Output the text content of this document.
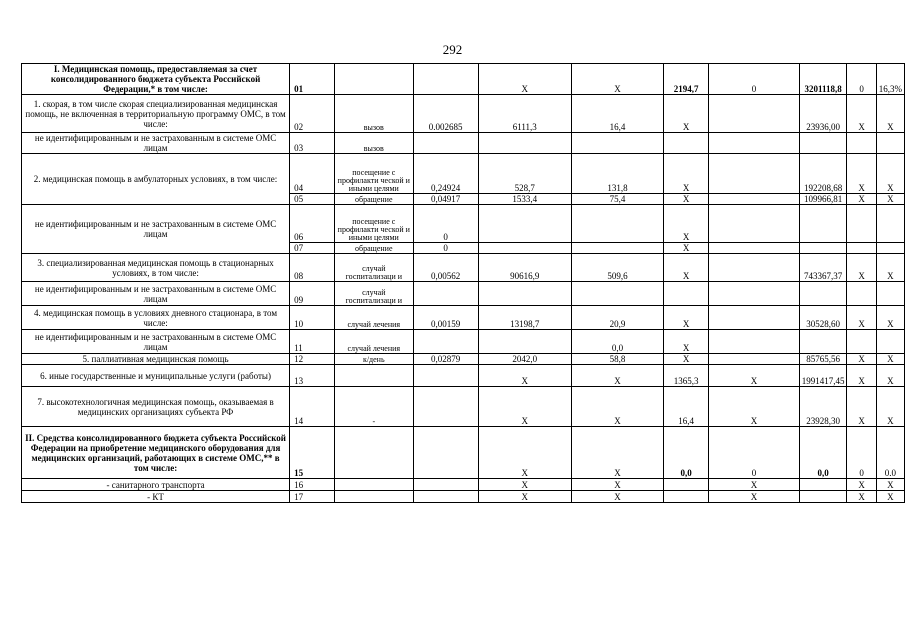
292
I. Медицинская помощь, предоставляемая за счет консолидированного бюджета субъекта Российской Федерации,* в том числе:	01			Х	Х	2194,7	0	3201118,8	0	16,3%
1. скорая, в том числе скорая специализированная медицинская помощь, не включенная в территориальную программу ОМС, в том числе:	02	вызов	0.002685	6111,3	16,4	Х		23936,00	Х	Х
не идентифицированным и не застрахованным в системе ОМС лицам	03	вызов								
2. медицинская помощь в амбулаторных условиях, в том числе:	04	посещение с профилакти ческой и иными целями	0,24924	528,7	131,8	Х		192208,68	Х	Х
	05	обращение	0,04917	1533,4	75,4	Х		109966,81	Х	Х
не идентифицированным и не застрахованным в системе ОМС лицам	06	посещение с профилакти ческой и иными целями	0			Х				
	07	обращение	0			Х				
3. специализированная медицинская помощь в стационарных условиях, в том числе:	08	случай госпитализаци и	0,00562	90616,9	509,6	Х		743367,37	Х	Х
не идентифицированным и не застрахованным в системе ОМС лицам	09	случай госпитализаци и								
4. медицинская помощь в условиях дневного стационара, в том числе:	10	случай лечения	0,00159	13198,7	20,9	Х		30528,60	Х	Х
не идентифицированным и не застрахованным в системе ОМС лицам	11	случай лечения			0,0	Х				
5. паллиативная медицинская помощь	12	к/день	0,02879	2042,0	58,8	Х		85765,56	Х	Х
6. иные государственные и муниципальные услуги (работы)	13			Х	Х	1365,3	Х	1991417,45	Х	Х
7. высокотехнологичная медицинская помощь, оказываемая в медицинских организациях субъекта РФ	14	-		Х	Х	16,4	Х	23928,30	Х	Х
II. Средства консолидированного бюджета субъекта Российской Федерации на приобретение медицинского оборудования для медицинских организаций, работающих в системе ОМС,** в том числе:	15			Х	Х	0,0	0	0,0	0	0.0
- санитарного транспорта	16			Х	Х		Х		Х	Х
- КТ	17			Х	Х		Х		Х	Х
